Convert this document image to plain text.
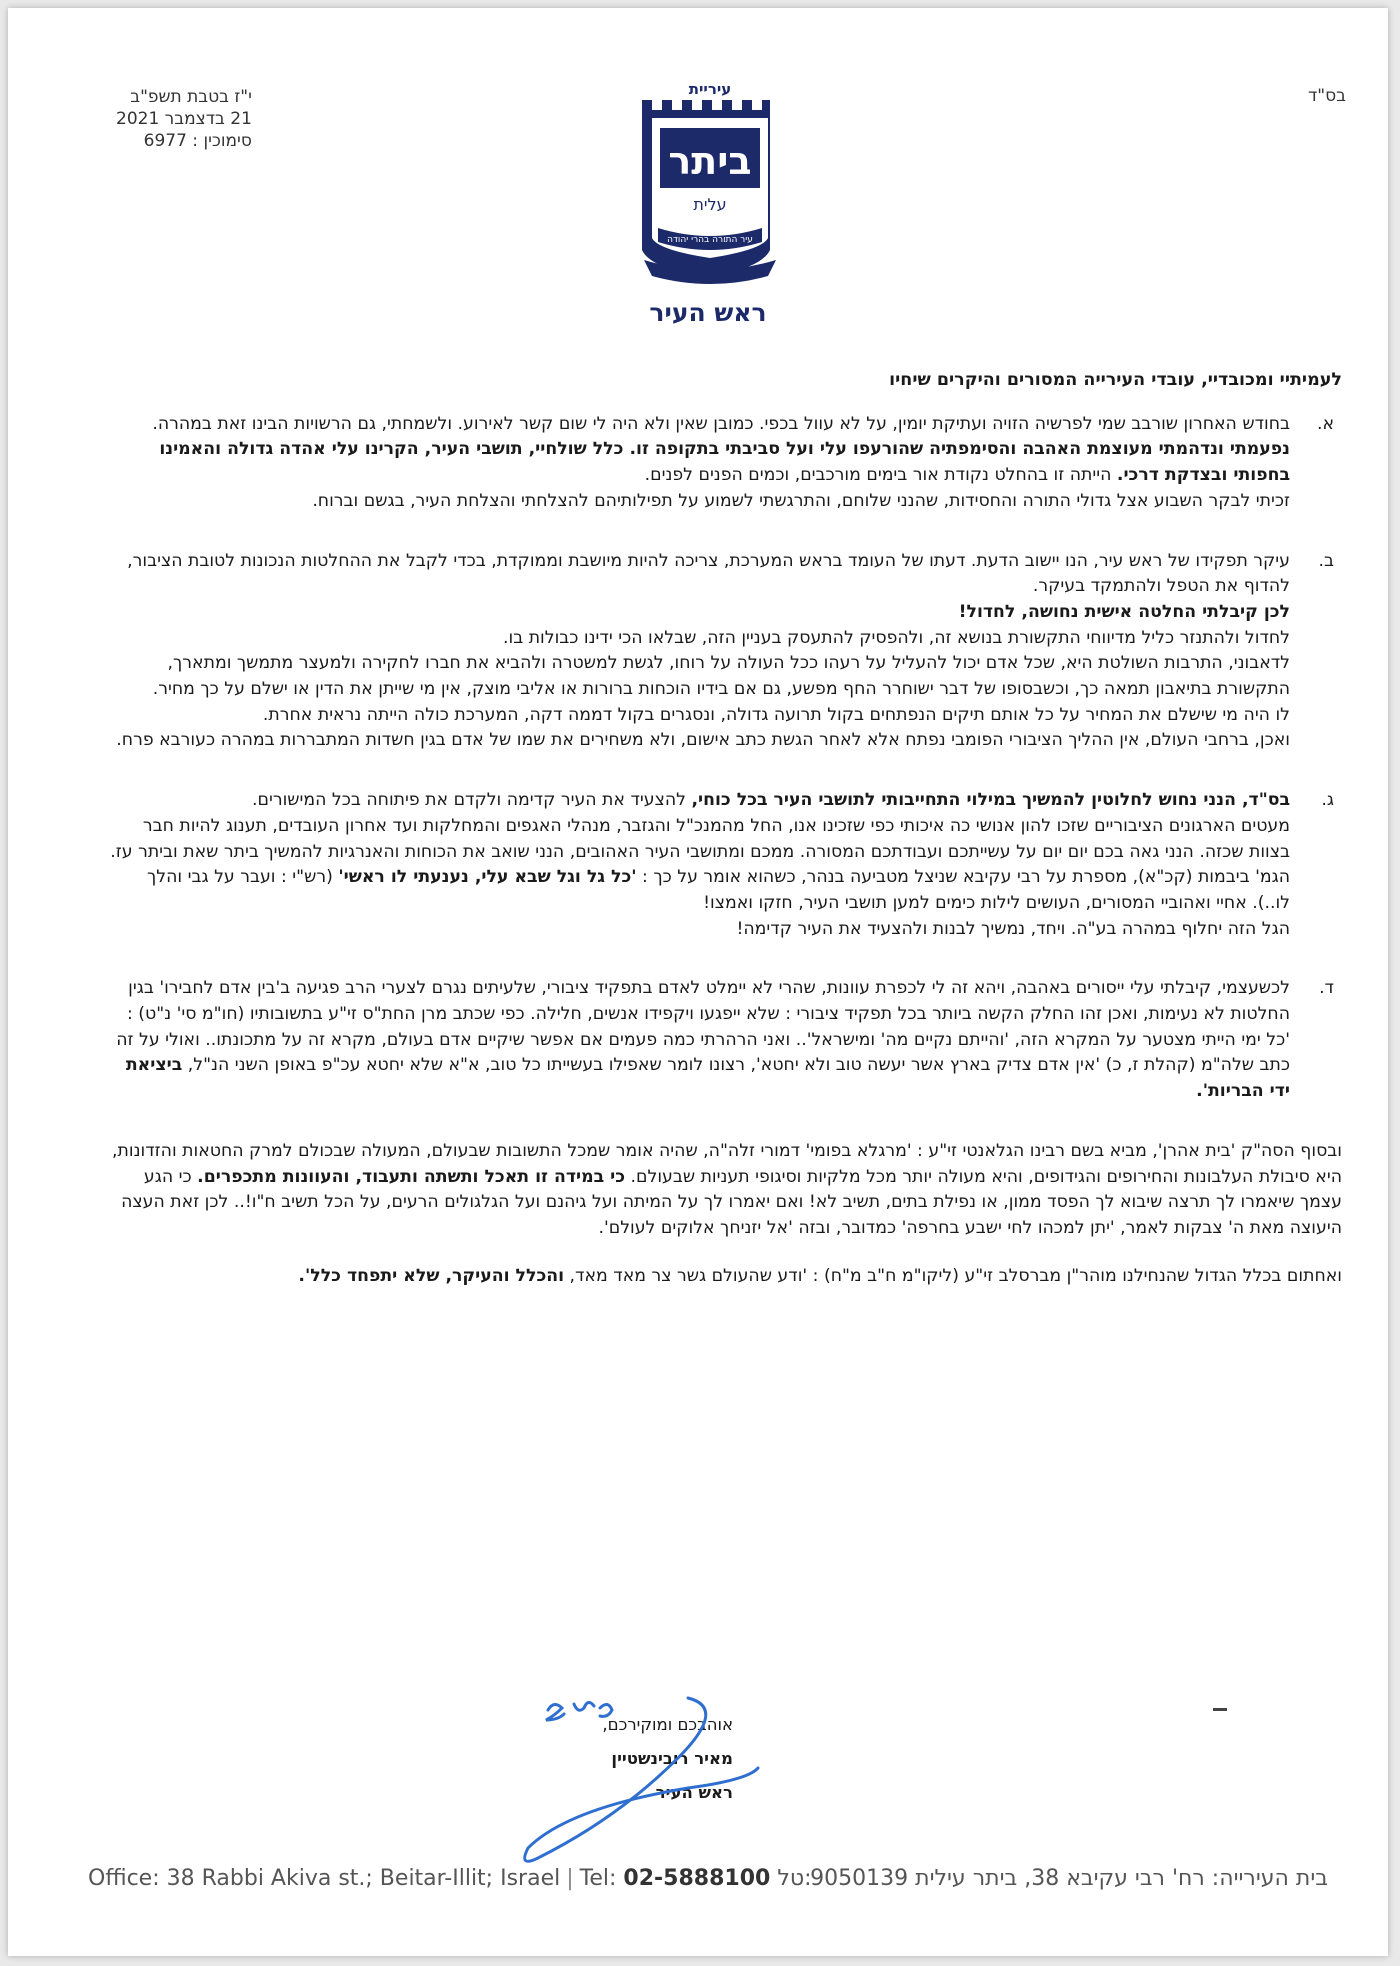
בס"ד
י"ז בטבת תשפ"ב
21 בדצמבר 2021
סימוכין : 6977
עיריית
ביתר
עלית
עיר התורה בהרי יהודה
ראש העיר
לעמיתיי ומכובדיי, עובדי העירייה המסורים והיקרים שיחיו
א.

בחודש האחרון שורבב שמי לפרשיה הזויה ועתיקת יומין, על לא עוול בכפי. כמובן שאין ולא היה לי שום קשר לאירוע. ולשמחתי, גם הרשויות הבינו זאת במהרה.

נפעמתי ונדהמתי מעוצמת האהבה והסימפתיה שהורעפו עלי ועל סביבתי בתקופה זו. כלל שולחיי, תושבי העיר, הקרינו עלי אהדה גדולה והאמינו בחפותי ובצדקת דרכי. הייתה זו בהחלט נקודת אור בימים מורכבים, וכמים הפנים לפנים.

זכיתי לבקר השבוע אצל גדולי התורה והחסידות, שהנני שלוחם, והתרגשתי לשמוע על תפילותיהם להצלחתי והצלחת העיר, בגשם וברוח.

ב.

עיקר תפקידו של ראש עיר, הנו יישוב הדעת. דעתו של העומד בראש המערכת, צריכה להיות מיושבת וממוקדת, בכדי לקבל את ההחלטות הנכונות לטובת הציבור, להדוף את הטפל ולהתמקד בעיקר.

לכן קיבלתי החלטה אישית נחושה, לחדול!

לחדול ולהתנזר כליל מדיווחי התקשורת בנושא זה, ולהפסיק להתעסק בעניין הזה, שבלאו הכי ידינו כבולות בו.

לדאבוני, התרבות השולטת היא, שכל אדם יכול להעליל על רעהו ככל העולה על רוחו, לגשת למשטרה ולהביא את חברו לחקירה ולמעצר מתמשך ומתארך, התקשורת בתיאבון תמאה כך, וכשבסופו של דבר ישוחרר החף מפשע, גם אם בידיו הוכחות ברורות או אליבי מוצק, אין מי שייתן את הדין או ישלם על כך מחיר.

לו היה מי שישלם את המחיר על כל אותם תיקים הנפתחים בקול תרועה גדולה, ונסגרים בקול דממה דקה, המערכת כולה הייתה נראית אחרת.

ואכן, ברחבי העולם, אין ההליך הציבורי הפומבי נפתח אלא לאחר הגשת כתב אישום, ולא משחירים את שמו של אדם בגין חשדות המתבררות במהרה כעורבא פרח.

ג.

בס"ד, הנני נחוש לחלוטין להמשיך במילוי התחייבותי לתושבי העיר בכל כוחי, להצעיד את העיר קדימה ולקדם את פיתוחה בכל המישורים.

מעטים הארגונים הציבוריים שזכו להון אנושי כה איכותי כפי שזכינו אנו, החל מהמנכ"ל והגזבר, מנהלי האגפים והמחלקות ועד אחרון העובדים, תענוג להיות חבר בצוות שכזה. הנני גאה בכם יום יום על עשייתכם ועבודתכם המסורה. ממכם ומתושבי העיר האהובים, הנני שואב את הכוחות והאנרגיות להמשיך ביתר שאת וביתר עז.

הגמ' ביבמות (קכ"א), מספרת על רבי עקיבא שניצל מטביעה בנהר, כשהוא אומר על כך : 'כל גל וגל שבא עלי, נענעתי לו ראשי' (רש"י : ועבר על גבי והלך לו..). אחיי ואהוביי המסורים, העושים לילות כימים למען תושבי העיר, חזקו ואמצו!

הגל הזה יחלוף במהרה בע"ה. ויחד, נמשיך לבנות ולהצעיד את העיר קדימה!

ד.

לכשעצמי, קיבלתי עלי ייסורים באהבה, ויהא זה לי לכפרת עוונות, שהרי לא יימלט לאדם בתפקיד ציבורי, שלעיתים נגרם לצערי הרב פגיעה ב'בין אדם לחבירו' בגין החלטות לא נעימות, ואכן זהו החלק הקשה ביותר בכל תפקיד ציבורי : שלא ייפגעו ויקפידו אנשים, חלילה. כפי שכתב מרן החת"ס זי"ע בתשובותיו (חו"מ סי' נ"ט) : 'כל ימי הייתי מצטער על המקרא הזה, 'והייתם נקיים מה' ומישראל'.. ואני הרהרתי כמה פעמים אם אפשר שיקיים אדם בעולם, מקרא זה על מתכונתו.. ואולי על זה כתב שלה"מ (קהלת ז, כ) 'אין אדם צדיק בארץ אשר יעשה טוב ולא יחטא', רצונו לומר שאפילו בעשייתו כל טוב, א"א שלא יחטא עכ"פ באופן השני הנ"ל, ביציאת ידי הבריות'.

ובסוף הסה"ק 'בית אהרן', מביא בשם רבינו הגלאנטי זי"ע : 'מרגלא בפומי' דמורי זלה"ה, שהיה אומר שמכל התשובות שבעולם, המעולה שבכולם למרק החטאות והזדונות, היא סיבולת העלבונות והחירופים והגידופים, והיא מעולה יותר מכל מלקיות וסיגופי תעניות שבעולם. כי במידה זו תאכל ותשתה ותעבוד, והעוונות מתכפרים. כי הגע עצמך שיאמרו לך תרצה שיבוא לך הפסד ממון, או נפילת בתים, תשיב לא! ואם יאמרו לך על המיתה ועל גיהנם ועל הגלגולים הרעים, על הכל תשיב ח"ו!.. לכן זאת העצה היעוצה מאת ה' צבקות לאמר, 'יתן למכהו לחי ישבע בחרפה' כמדובר, ובזה 'אל יזניחך אלוקים לעולם'.

ואחתום בכלל הגדול שהנחילנו מוהר"ן מברסלב זי"ע (ליקו"מ ח"ב מ"ח) : 'ודע שהעולם גשר צר מאד מאד, והכלל והעיקר, שלא יתפחד כלל'.

אוהבכם ומוקירכם,
מאיר רובינשטיין
ראש העיר
Office: 38 Rabbi Akiva st.; Beitar-Illit; Israel | Tel: 02-5888100 טל:
בית העירייה: רח' רבי עקיבא 38, ביתר עילית 9050139
